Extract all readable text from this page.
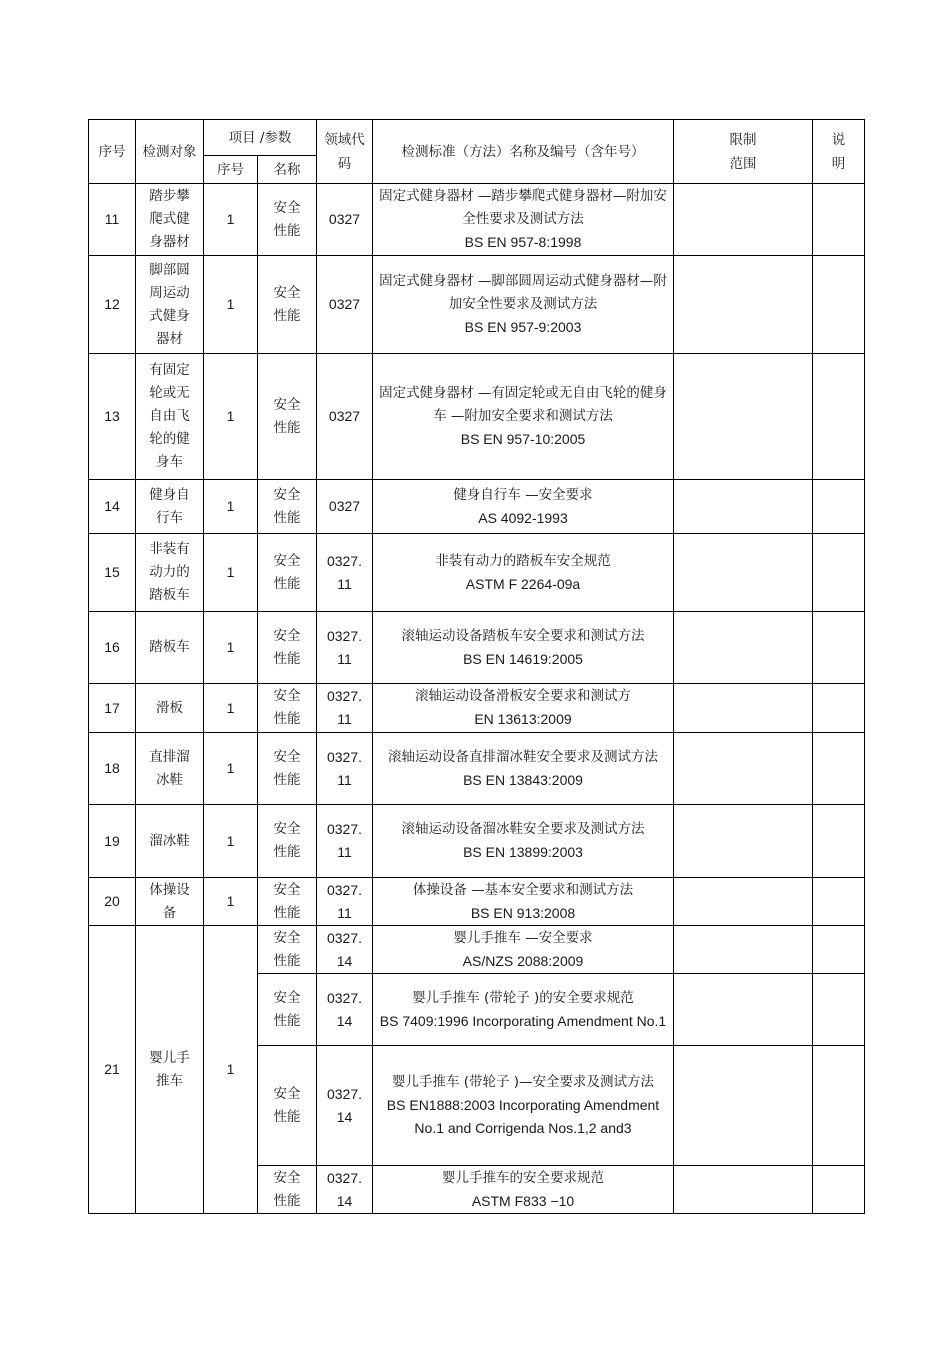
序号	检测对象	项目 /参数		领域代码	检测标准（方法）名称及编号（含年号）	限制范围	说明

		序号	名称				
11	踏步攀爬式健身器材	1	安全性能	0327	固定式健身器材 —踏步攀爬式健身器材—附加安全性要求及测试方法
BS EN 957-8:1998		

12	脚部圆周运动式健身器材	1	安全性能	0327	固定式健身器材 —脚部圆周运动式健身器材—附加安全性要求及测试方法
BS EN 957-9:2003		

13	有固定轮或无自由飞轮的健身车	1	安全性能	0327	固定式健身器材 —有固定轮或无自由飞轮的健身车 —附加安全要求和测试方法
BS EN 957-10:2005		

14	健身自行车	1	安全性能	0327	健身自行车 —安全要求
AS 4092-1993		

15	非装有动力的踏板车	1	安全性能	0327.11	非装有动力的踏板车安全规范
ASTM F 2264-09a		

16	踏板车	1	安全性能	0327.11	滚轴运动设备踏板车安全要求和测试方法
BS EN 14619:2005		

17	滑板	1	安全性能	0327.11	滚轴运动设备滑板安全要求和测试方
EN 13613:2009		

18	直排溜冰鞋	1	安全性能	0327.11	滚轴运动设备直排溜冰鞋安全要求及测试方法
BS EN 13843:2009		

19	溜冰鞋	1	安全性能	0327.11	滚轴运动设备溜冰鞋安全要求及测试方法
BS EN 13899:2003		

20	体操设备	1	安全性能	0327.11	体操设备 —基本安全要求和测试方法
BS EN 913:2008		

21	婴儿手推车	1	安全性能	0327.14	婴儿手推车 —安全要求
AS/NZS 2088:2009		

			安全性能	0327.14	婴儿手推车 (带轮子 )的安全要求规范
BS 7409:1996 Incorporating Amendment No.1		

			安全性能	0327.14	婴儿手推车 (带轮子 )—安全要求及测试方法
BS EN1888:2003 Incorporating Amendment No.1 and Corrigenda Nos.1,2 and3		

			安全性能	0327.14	婴儿手推车的安全要求规范
ASTM F833 −10		
